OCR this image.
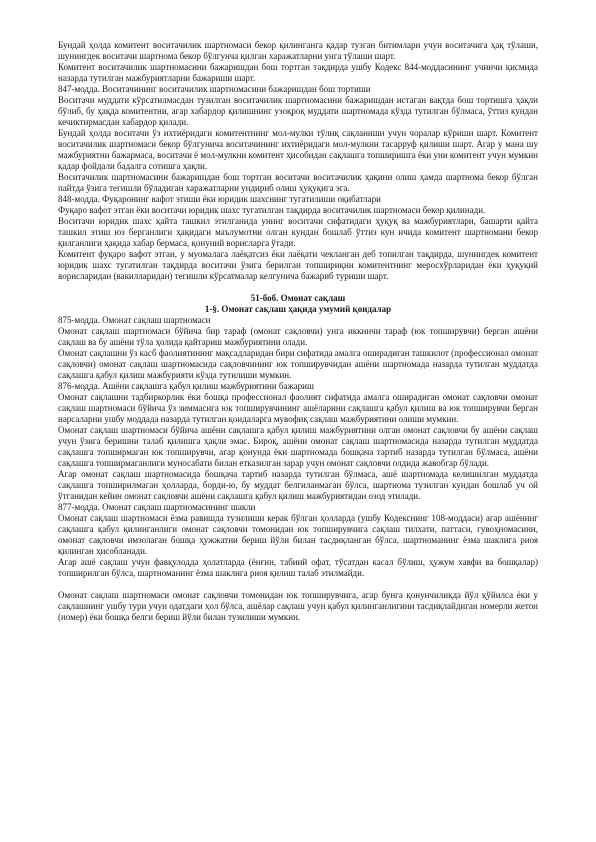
Бундай ҳолда комитент воситачилик шартномаси бекор қилинганга қадар тузган битимлари учун воситачига ҳақ тўлаши, шунингдек воситачи шартнома бекор бўлгунча қилган харажатларни унга тўлаши шарт.

Комитент воситачилик шартномасини бажаришдан бош тортган тақдирда ушбу Кодекс 844-моддасининг учинчи қисмида назарда тутилган мажбуриятларни бажариши шарт.

847-модда. Воситачининг воситачилик шартномасини бажаришдан бош тортиши

Воситачи муддати кўрсатилмасдан тузилган воситачилик шартномасини бажаришдан истаган вақтда бош тортишга ҳақли бўлиб, бу ҳақда комитентни, агар хабардор қилишнинг узоқроқ муддати шартномада кўзда тутилган бўлмаса, ўттиз кундан кечиктирмасдан хабардор қилади.

Бундай ҳолда воситачи ўз ихтиёридаги комитентнинг мол-мулки тўлиқ сақланиши учун чоралар кўриши шарт. Комитент воситачилик шартномаси бекор бўлгунича воситачининг ихтиёридаги мол-мулкни тасарруф қилиши шарт. Агар у мана шу мажбуриятни бажармаса, воситачи ё мол-мулкни комитент ҳисобидан сақлашга топширишга ёки уни комитент учун мумкин қадар фойдали бадалга сотишга ҳақли.

Воситачилик шартномасини бажаришдан бош тортган воситачи воситачилик ҳақини олиш ҳамда шартнома бекор бўлган пайтда ўзига тегишли бўладиган харажатларни ундириб олиш ҳуқуқига эга.

848-модда. Фуқаронинг вафот этиши ёки юридик шахснинг тугатилиши оқибатлари

Фуқаро вафот этган ёки воситачи юридик шахс тугатилган тақдирда воситачилик шартномаси бекор қилинади.

Воситачи юридик шахс қайта ташкил этилганида унинг воситачи сифатидаги ҳуқуқ ва мажбуриятлари, башарти қайта ташкил этиш юз берганлиги ҳақидаги маълумотни олган кундан бошлаб ўттиз кун ичида комитент шартномани бекор қилганлиги ҳақида хабар бермаса, қонуний ворисларга ўтади.

Комитент фуқаро вафот этган, у муомалага лаёқатсиз ёки лаёқати чекланган деб топилган тақдирда, шунингдек комитент юридик шахс тугатилган тақдирда воситачи ўзига берилган топшириқни комитентнинг меросхўрларидан ёки ҳуқуқий ворисларидан (вакилларидан) тегишли кўрсатмалар келгунича бажариб туриши шарт.

51-боб. Омонат сақлаш

1-§. Омонат сақлаш ҳақида умумий қоидалар

875-модда. Омонат сақлаш шартномаси

Омонат сақлаш шартномаси бўйича бир тараф (омонат сақловчи) унга иккинчи тараф (юк топширувчи) берган ашёни сақлаш ва бу ашёни тўла ҳолида қайтариш мажбуриятини олади.

Омонат сақлашни ўз касб фаолиятининг мақсадларидан бири сифатида амалга оширадиган ташкилот (профессионал омонат сақловчи) омонат сақлаш шартномасида сақловчининг юк топширувчидан ашёни шартномада назарда тутилган муддатда сақлашга қабул қилиш мажбурияти кўзда тутилиши мумкин.

876-модда. Ашёни сақлашга қабул қилиш мажбуриятини бажариш

Омонат сақлашни тадбиркорлик ёки бошқа профессионал фаолият сифатида амалга оширадиган омонат сақловчи омонат сақлаш шартномаси бўйича ўз зиммасига юк топширувчининг ашёларини сақлашга қабул қилиш ва юк топширувчи берган нарсаларни ушбу моддада назарда тутилган қоидаларга мувофиқ сақлаш мажбуриятини олиши мумкин.

Омонат сақлаш шартномаси бўйича ашёни сақлашга қабул қилиш мажбуриятини олган омонат сақловчи бу ашёни сақлаш учун ўзига беришни талаб қилишга ҳақли эмас. Бироқ, ашёни омонат сақлаш шартномасида назарда тутилган муддатда сақлашга топширмаган юк топширувчи, агар қонунда ёки шартномада бошқача тартиб назарда тутилган бўлмаса, ашёни сақлашга топширмаганлиги муносабати билан етказилган зарар учун омонат сақловчи олдида жавобгар бўлади.

Агар омонат сақлаш шартномасида бошқача тартиб назарда тутилган бўлмаса, ашё шартномада келишилган муддатда сақлашга топширилмаган ҳолларда, борди-ю, бу муддат белгиланмаган бўлса, шартнома тузилган кундан бошлаб уч ой ўтганидан кейин омонат сақловчи ашёни сақлашга қабул қилиш мажбуриятидан озод этилади.

877-модда. Омонат сақлаш шартномасининг шакли

Омонат сақлаш шартномаси ёзма равишда тузилиши керак бўлган ҳолларда (ушбу Кодекснинг 108-моддаси) агар ашёнинг сақлашга қабул қилинганлиги омонат сақловчи томонидан юк топширувчига сақлаш тилхати, паттаси, гувоҳномасини, омонат сақловчи имзолаган бошқа ҳужжатни бериш йўли билан тасдиқланган бўлса, шартноманинг ёзма шаклига риоя қилинган ҳисобланади.

Агар ашё сақлаш учун фавқулодда ҳолатларда (ёнғин, табиий офат, тўсатдан касал бўлиш, ҳужум хавфи ва бошқалар) топширилган бўлса, шартноманинг ёзма шаклига риоя қилиш талаб этилмайди.

Омонат сақлаш шартномаси омонат сақловчи томонидан юк топширувчига, агар бунга қонунчиликда йўл қўйилса ёки у сақлашнинг ушбу тури учун одатдаги ҳол бўлса, ашёлар сақлаш учун қабул қилинганлигини тасдиқлайдиган номерли жетон (номер) ёки бошқа белги бериш йўли билан тузилиши мумкин.
